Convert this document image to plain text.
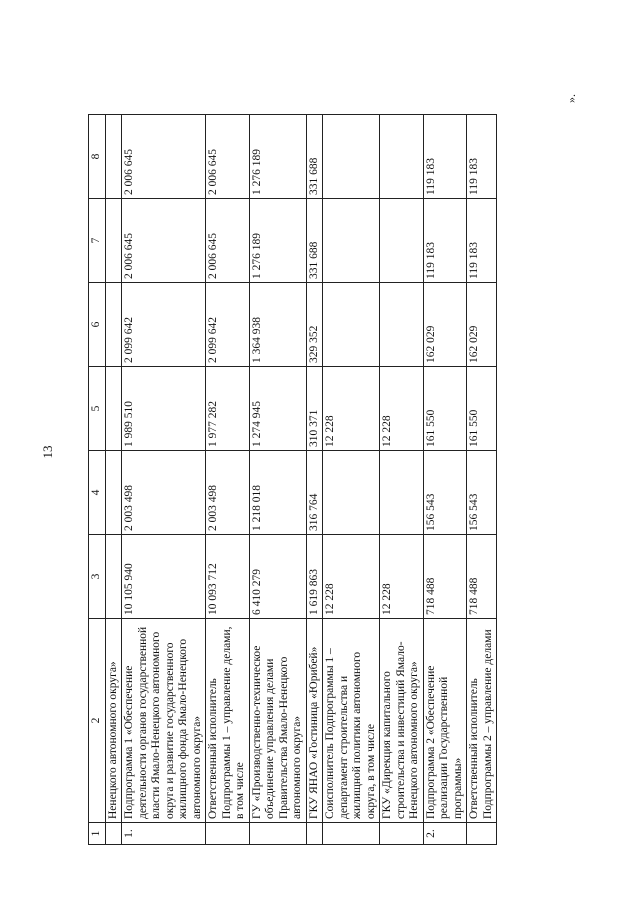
13
1	2	3	4	5	6	7	8
	Ненецкого автономного округа»						
1.	Подпрограмма 1 «Обеспечение деятельности органов государственной власти Ямало-Ненецкого автономного округа и развитие государственного жилищного фонда Ямало-Ненецкого автономного округа»	10 105 940	2 003 498	1 989 510	2 099 642	2 006 645	2 006 645
	Ответственный исполнитель Подпрограммы 1 – управление делами, в том числе	10 093 712	2 003 498	1 977 282	2 099 642	2 006 645	2 006 645
	ГУ «Производственно-техническое объединение управления делами Правительства Ямало-Ненецкого автономного округа»	6 410 279	1 218 018	1 274 945	1 364 938	1 276 189	1 276 189
	ГКУ ЯНАО «Гостиница «Юрибей»	1 619 863	316 764	310 371	329 352	331 688	331 688
	Соисполнитель Подпрограммы 1 – департамент строительства и жилищной политики автономного округа, в том числе	12 228		12 228			
	ГКУ «Дирекция капитального строительства и инвестиций Ямало-Ненецкого автономного округа»	12 228		12 228			
2.	Подпрограмма 2 «Обеспечение реализации Государственной программы»	718 488	156 543	161 550	162 029	119 183	119 183
	Ответственный исполнитель Подпрограммы 2 – управление делами	718 488	156 543	161 550	162 029	119 183	119 183
».
